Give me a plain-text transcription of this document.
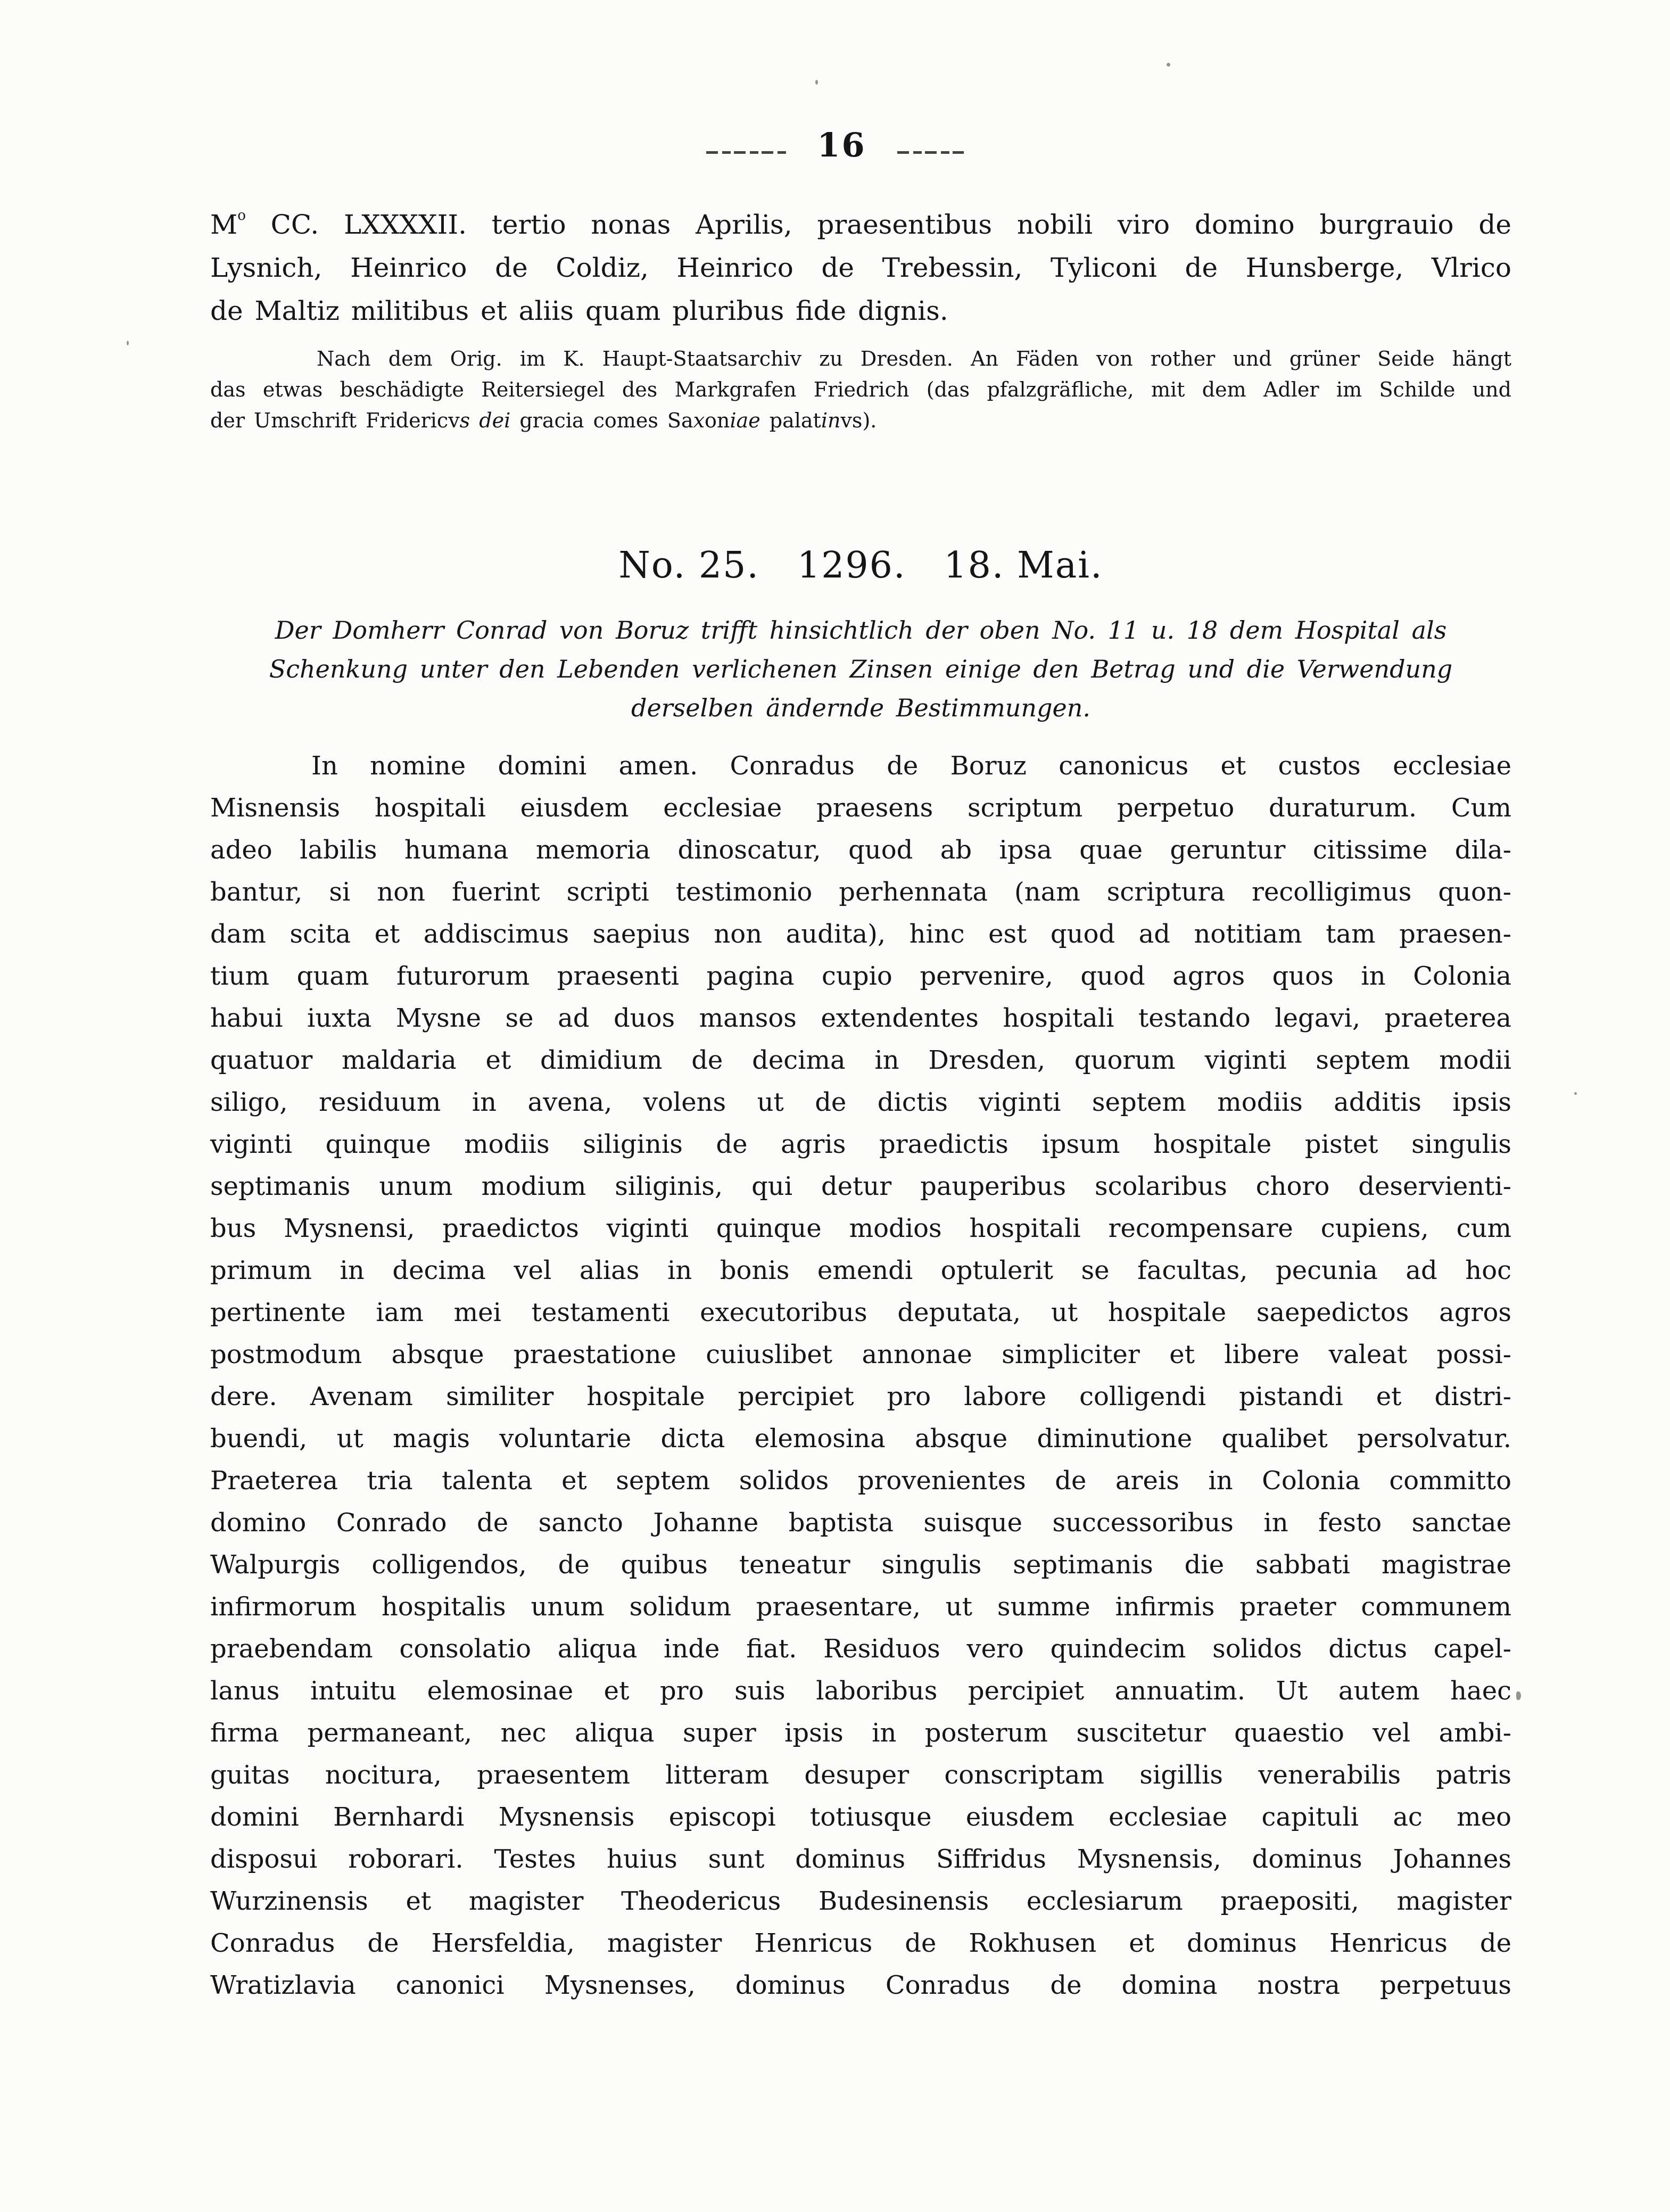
16
$M^o$ CC. LXXXXII. tertio nonas Aprilis, praesentibus nobili viro domino burgrauio de
Lysnich, Heinrico de Coldiz, Heinrico de Trebessin, Tyliconi de Hunsberge, Vlrico
de Maltiz militibus et aliis quam pluribus fide dignis.
Nach dem Orig. im K. Haupt-Staatsarchiv zu Dresden. An Fäden von rother und grüner Seide hängt
das etwas beschädigte Reitersiegel des Markgrafen Friedrich (das pfalzgräfliche, mit dem Adler im Schilde und
der Umschrift Fridericvs dei gracia comes Saxoniae palatinvs).
No. 25.   1296.   18. Mai.
Der Domherr Conrad von Boruz trifft hinsichtlich der oben No. 11 u. 18 dem Hospital als
Schenkung unter den Lebenden verlichenen Zinsen einige den Betrag und die Verwendung
derselben ändernde Bestimmungen.
In nomine domini amen. Conradus de Boruz canonicus et custos ecclesiae
Misnensis hospitali eiusdem ecclesiae praesens scriptum perpetuo duraturum. Cum
adeo labilis humana memoria dinoscatur, quod ab ipsa quae geruntur citissime dila-
bantur, si non fuerint scripti testimonio perhennata (nam scriptura recolligimus quon-
dam scita et addiscimus saepius non audita), hinc est quod ad notitiam tam praesen-
tium quam futurorum praesenti pagina cupio pervenire, quod agros quos in Colonia
habui iuxta Mysne se ad duos mansos extendentes hospitali testando legavi, praeterea
quatuor maldaria et dimidium de decima in Dresden, quorum viginti septem modii
siligo, residuum in avena, volens ut de dictis viginti septem modiis additis ipsis
viginti quinque modiis siliginis de agris praedictis ipsum hospitale pistet singulis
septimanis unum modium siliginis, qui detur pauperibus scolaribus choro deservienti-
bus Mysnensi, praedictos viginti quinque modios hospitali recompensare cupiens, cum
primum in decima vel alias in bonis emendi optulerit se facultas, pecunia ad hoc
pertinente iam mei testamenti executoribus deputata, ut hospitale saepedictos agros
postmodum absque praestatione cuiuslibet annonae simpliciter et libere valeat possi-
dere. Avenam similiter hospitale percipiet pro labore colligendi pistandi et distri-
buendi, ut magis voluntarie dicta elemosina absque diminutione qualibet persolvatur.
Praeterea tria talenta et septem solidos provenientes de areis in Colonia committo
domino Conrado de sancto Johanne baptista suisque successoribus in festo sanctae
Walpurgis colligendos, de quibus teneatur singulis septimanis die sabbati magistrae
infirmorum hospitalis unum solidum praesentare, ut summe infirmis praeter communem
praebendam consolatio aliqua inde fiat. Residuos vero quindecim solidos dictus capel-
lanus intuitu elemosinae et pro suis laboribus percipiet annuatim. Ut autem haec
firma permaneant, nec aliqua super ipsis in posterum suscitetur quaestio vel ambi-
guitas nocitura, praesentem litteram desuper conscriptam sigillis venerabilis patris
domini Bernhardi Mysnensis episcopi totiusque eiusdem ecclesiae capituli ac meo
disposui roborari. Testes huius sunt dominus Siffridus Mysnensis, dominus Johannes
Wurzinensis et magister Theodericus Budesinensis ecclesiarum praepositi, magister
Conradus de Hersfeldia, magister Henricus de Rokhusen et dominus Henricus de
Wratizlavia canonici Mysnenses, dominus Conradus de domina nostra perpetuus
